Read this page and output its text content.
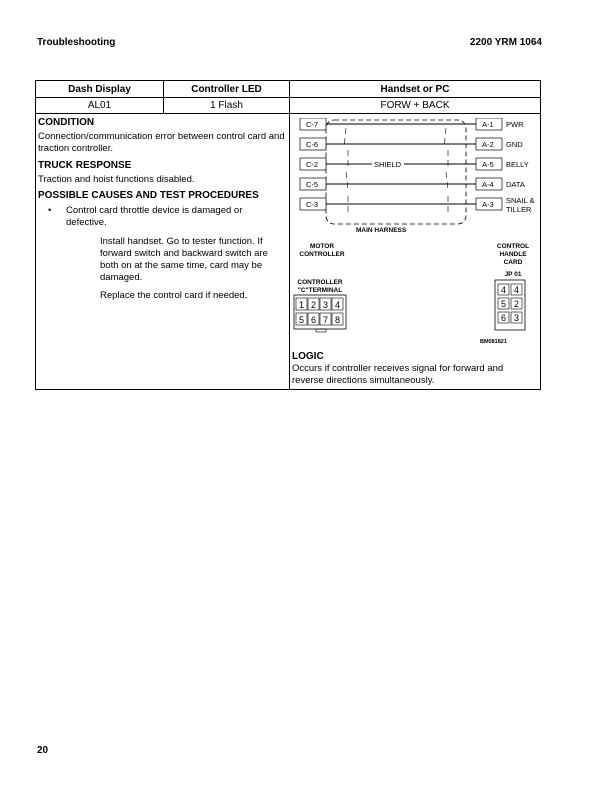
Troubleshooting	2200 YRM 1064
Dash Display	Controller LED	Handset or PC
AL01	1 Flash	FORW + BACK
CONDITION
Connection/communication error between control card and traction controller.
TRUCK RESPONSE
Traction and hoist functions disabled.
POSSIBLE CAUSES AND TEST PROCEDURES
•	Control card throttle device is damaged or defective.
Install handset. Go to tester function. If forward switch and backward switch are both on at the same time, card may be damaged.
Replace the control card if needed.
C-7
C-6
C-2
C-5
C-3
A-1
A-2
A-5
A-4
A-3
SHIELD
PWR
GND
BELLY
DATA
SNAIL &
TILLER
MAIN HARNESS
MOTOR
CONTROLLER
CONTROL
HANDLE
CARD
JP 01
CONTROLLER
"C"TERMINAL
1 2 3 4
5 6 7 8
4 4
5 2
6 3
BM081821
LOGIC
Occurs if controller receives signal for forward and reverse directions simultaneously.
20
